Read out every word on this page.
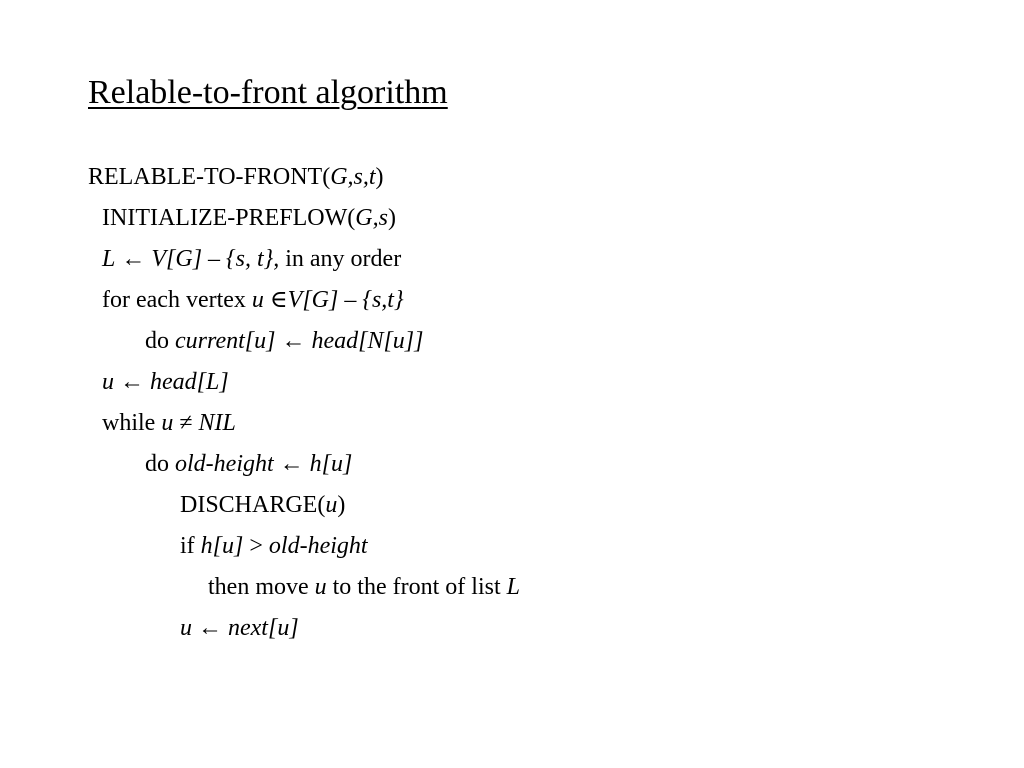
Relable-to-front algorithm
RELABLE-TO-FRONT(G,s,t)
INITIALIZE-PREFLOW(G,s)
L ← V[G] – {s, t}, in any order
for each vertex u ∈V[G] – {s,t}
do current[u] ← head[N[u]]
u ← head[L]
while u ≠ NIL
do old-height ← h[u]
DISCHARGE(u)
if h[u] > old-height
then move u to the front of list L
u ← next[u]
